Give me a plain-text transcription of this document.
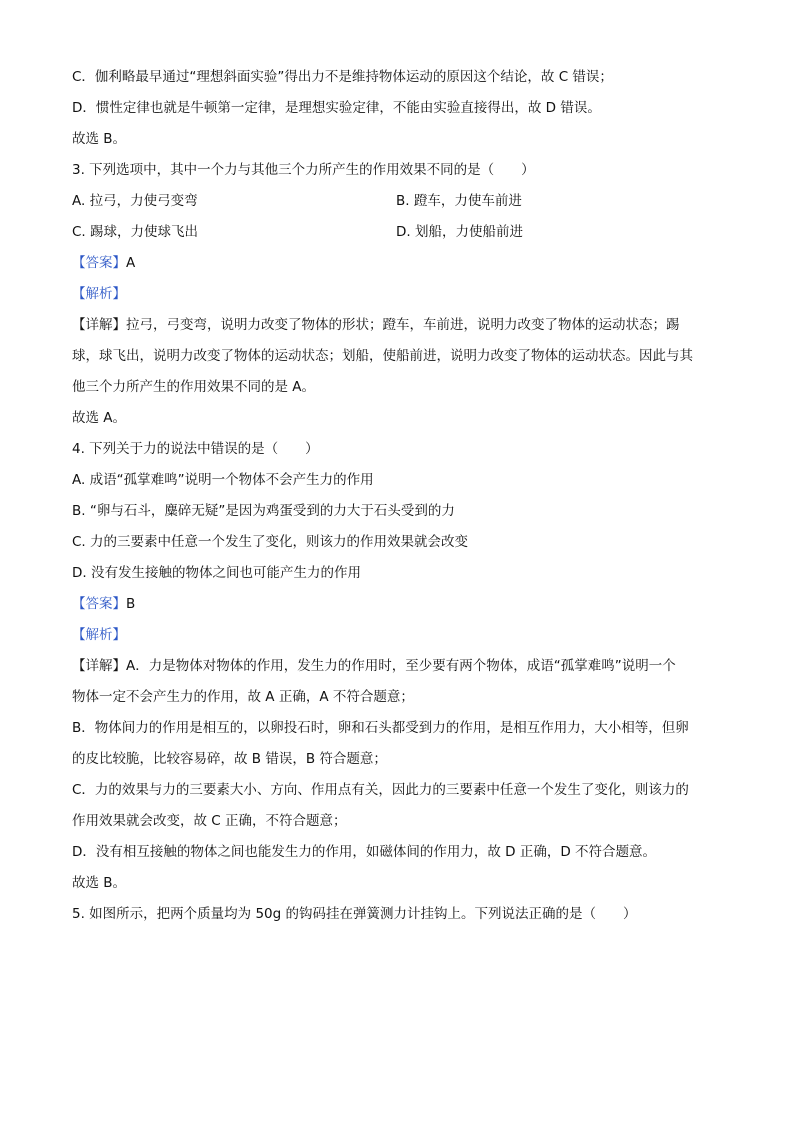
C．伽利略最早通过“理想斜面实验”得出力不是维持物体运动的原因这个结论，故 C 错误；
D．惯性定律也就是牛顿第一定律，是理想实验定律，不能由实验直接得出，故 D 错误。
故选 B。
3. 下列选项中，其中一个力与其他三个力所产生的作用效果不同的是（　　）
A. 拉弓，力使弓变弯	B. 蹬车，力使车前进
C. 踢球，力使球飞出	D. 划船，力使船前进
【答案】A
【解析】
【详解】拉弓，弓变弯，说明力改变了物体的形状；蹬车，车前进，说明力改变了物体的运动状态；踢
球，球飞出，说明力改变了物体的运动状态；划船，使船前进，说明力改变了物体的运动状态。因此与其
他三个力所产生的作用效果不同的是 A。
故选 A。
4. 下列关于力的说法中错误的是（　　）
A. 成语“孤掌难鸣”说明一个物体不会产生力的作用
B. “卵与石斗，麋碎无疑”是因为鸡蛋受到的力大于石头受到的力
C. 力的三要素中任意一个发生了变化，则该力的作用效果就会改变
D. 没有发生接触的物体之间也可能产生力的作用
【答案】B
【解析】
【详解】A．力是物体对物体的作用，发生力的作用时，至少要有两个物体，成语“孤掌难鸣”说明一个
物体一定不会产生力的作用，故 A 正确，A 不符合题意；
B．物体间力的作用是相互的，以卵投石时，卵和石头都受到力的作用，是相互作用力，大小相等，但卵
的皮比较脆，比较容易碎，故 B 错误，B 符合题意；
C．力的效果与力的三要素大小、方向、作用点有关，因此力的三要素中任意一个发生了变化，则该力的
作用效果就会改变，故 C 正确，不符合题意；
D．没有相互接触的物体之间也能发生力的作用，如磁体间的作用力，故 D 正确，D 不符合题意。
故选 B。
5. 如图所示，把两个质量均为 50g 的钩码挂在弹簧测力计挂钩上。下列说法正确的是（　　）
